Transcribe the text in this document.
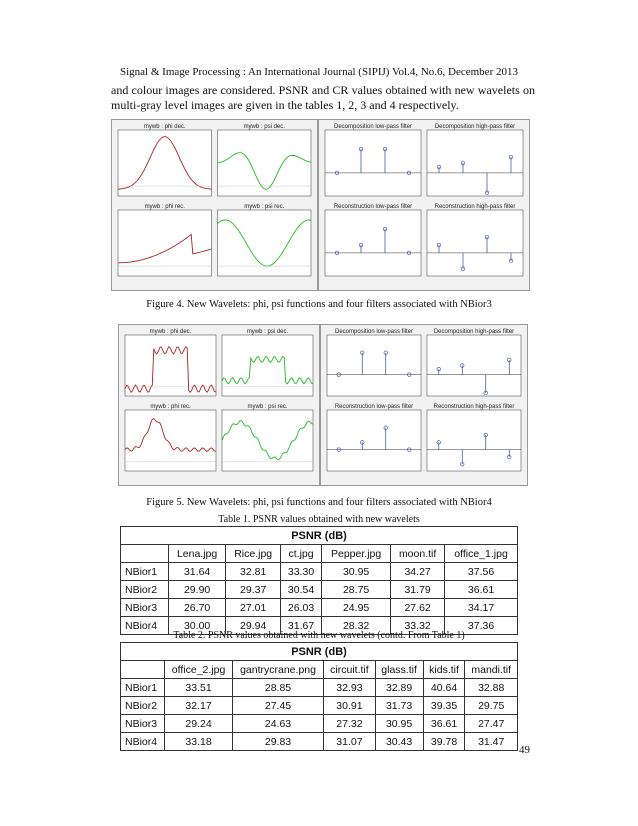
Signal & Image Processing : An International Journal (SIPIJ) Vol.4, No.6, December 2013
and colour images are considered. PSNR and CR values obtained with new wavelets on multi-gray level images are given in the tables 1, 2, 3 and 4 respectively.
mywb : phi dec.	mywb : psi dec.
mywb : phi rec.	mywb : psi rec.
Decomposition low-pass filter	Decomposition high-pass filter
Reconstruction low-pass filter	Reconstruction high-pass filter
Figure 4. New Wavelets: phi, psi functions and four filters associated with NBior3
mywb : phi dec.	mywb : psi dec.
mywb : phi rec.	mywb : psi rec.
Decomposition low-pass filter	Decomposition high-pass filter
Reconstruction low-pass filter	Reconstruction high-pass filter
Figure 5. New Wavelets: phi, psi functions and four filters associated with NBior4
Table 1. PSNR values obtained with new wavelets
PSNR (dB)						
	Lena.jpg	Rice.jpg	ct.jpg	Pepper.jpg	moon.tif	office_1.jpg
NBior1	31.64	32.81	33.30	30.95	34.27	37.56
NBior2	29.90	29.37	30.54	28.75	31.79	36.61
NBior3	26.70	27.01	26.03	24.95	27.62	34.17
NBior4	30.00	29.94	31.67	28.32	33.32	37.36
Table 2. PSNR values obtained with new wavelets (contd. From Table 1)
PSNR (dB)						
	office_2.jpg	gantrycrane.png	circuit.tif	glass.tif	kids.tif	mandi.tif
NBior1	33.51	28.85	32.93	32.89	40.64	32.88
NBior2	32.17	27.45	30.91	31.73	39.35	29.75
NBior3	29.24	24.63	27.32	30.95	36.61	27.47
NBior4	33.18	29.83	31.07	30.43	39.78	31.47
49
